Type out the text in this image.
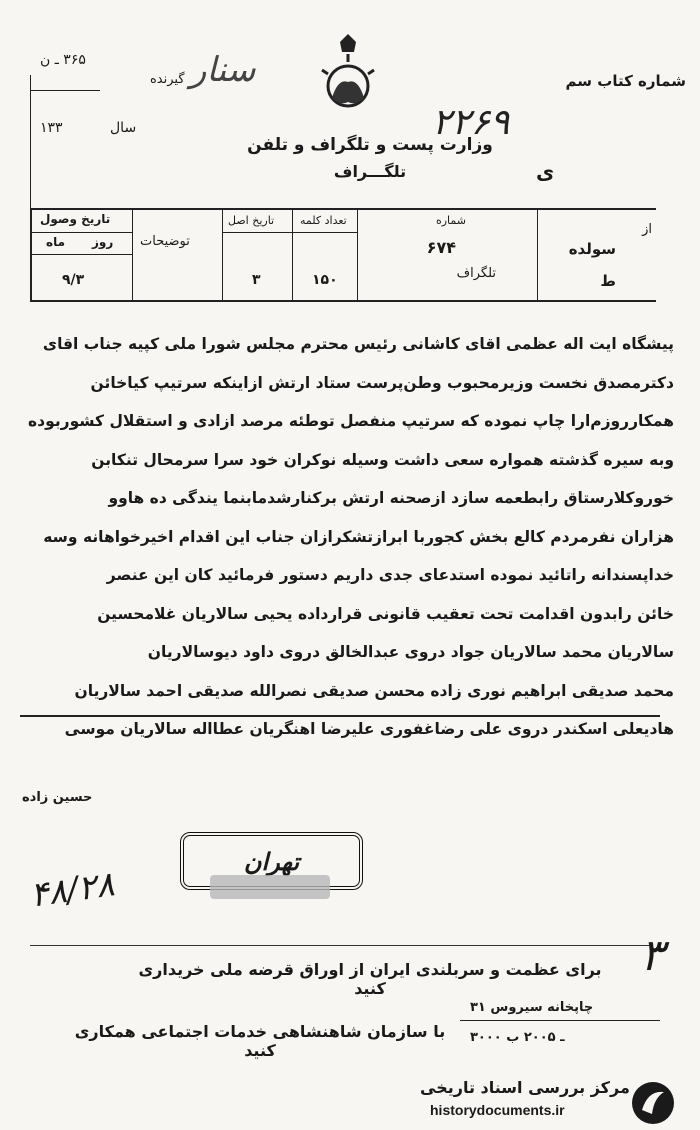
شماره کتاب سم
۳۶۵ ـ ن
گیرنده سنار
سال
۱۳۳	۲۲۶۹
وزارت پست و تلگراف و تلفن
تلگـــراف	ی
از
سولده
ط
شماره
۶۷۴
تلگراف
تعداد کلمه
۱۵۰
تاریخ اصل
۳
توضیحات
تاریخ وصول
روز
ماه
۹/۳

پیشگاه ایت اله عظمی اقای کاشانی رئیس محترم مجلس شورا ملی کپیه جناب اقای

دکترمصدق نخست وزیرمحبوب وطن‌پرست ستاد ارتش ازاینکه سرتیپ کیاخائن

همکارروزم‌ارا چاپ نموده که سرتیپ منفصل توطئه مرصد ازادی و استقلال کشوربوده

وبه سیره گذشته همواره سعی داشت وسیله نوکران خود سرا سرمحال تنکابن

خوروکلارستاق رابطعمه سازد ازصحنه ارتش برکنارشدمابنما یندگی ده هاوو

هزاران نفرمردم کالع بخش کجوربا ابرازتشکرازان جناب این اقدام اخیرخواهانه وسه

خداپسندانه راتائید نموده استدعای جدی داریم دستور فرمائید کان این عنصر

خائن رابدون اقدامت تحت تعقیب قانونی قرارداده یحیی سالاریان غلامحسین

سالاریان محمد سالاریان جواد دروی عبدالخالق دروی داود دیوسالاریان

محمد صدیقی ابراهیم نوری زاده محسن صدیقی نصرالله صدیقی احمد سالاریان

هادیعلی اسکندر دروی علی رضاغفوری علیرضا اهنگریان عطااله سالاریان موسی

حسین زاده
تهران
۴۸/۲۸
۳
برای عظمت و سربلندی ایران از اوراق قرضه ملی خریداری کنید
چاپخانه سیروس ۳۱
۳۰۰۰ ـ ۲۰۰۵ ب
با سازمان شاهنشاهی خدمات اجتماعی همکاری کنید
مرکز بررسی اسناد تاریخی
historydocuments.ir
